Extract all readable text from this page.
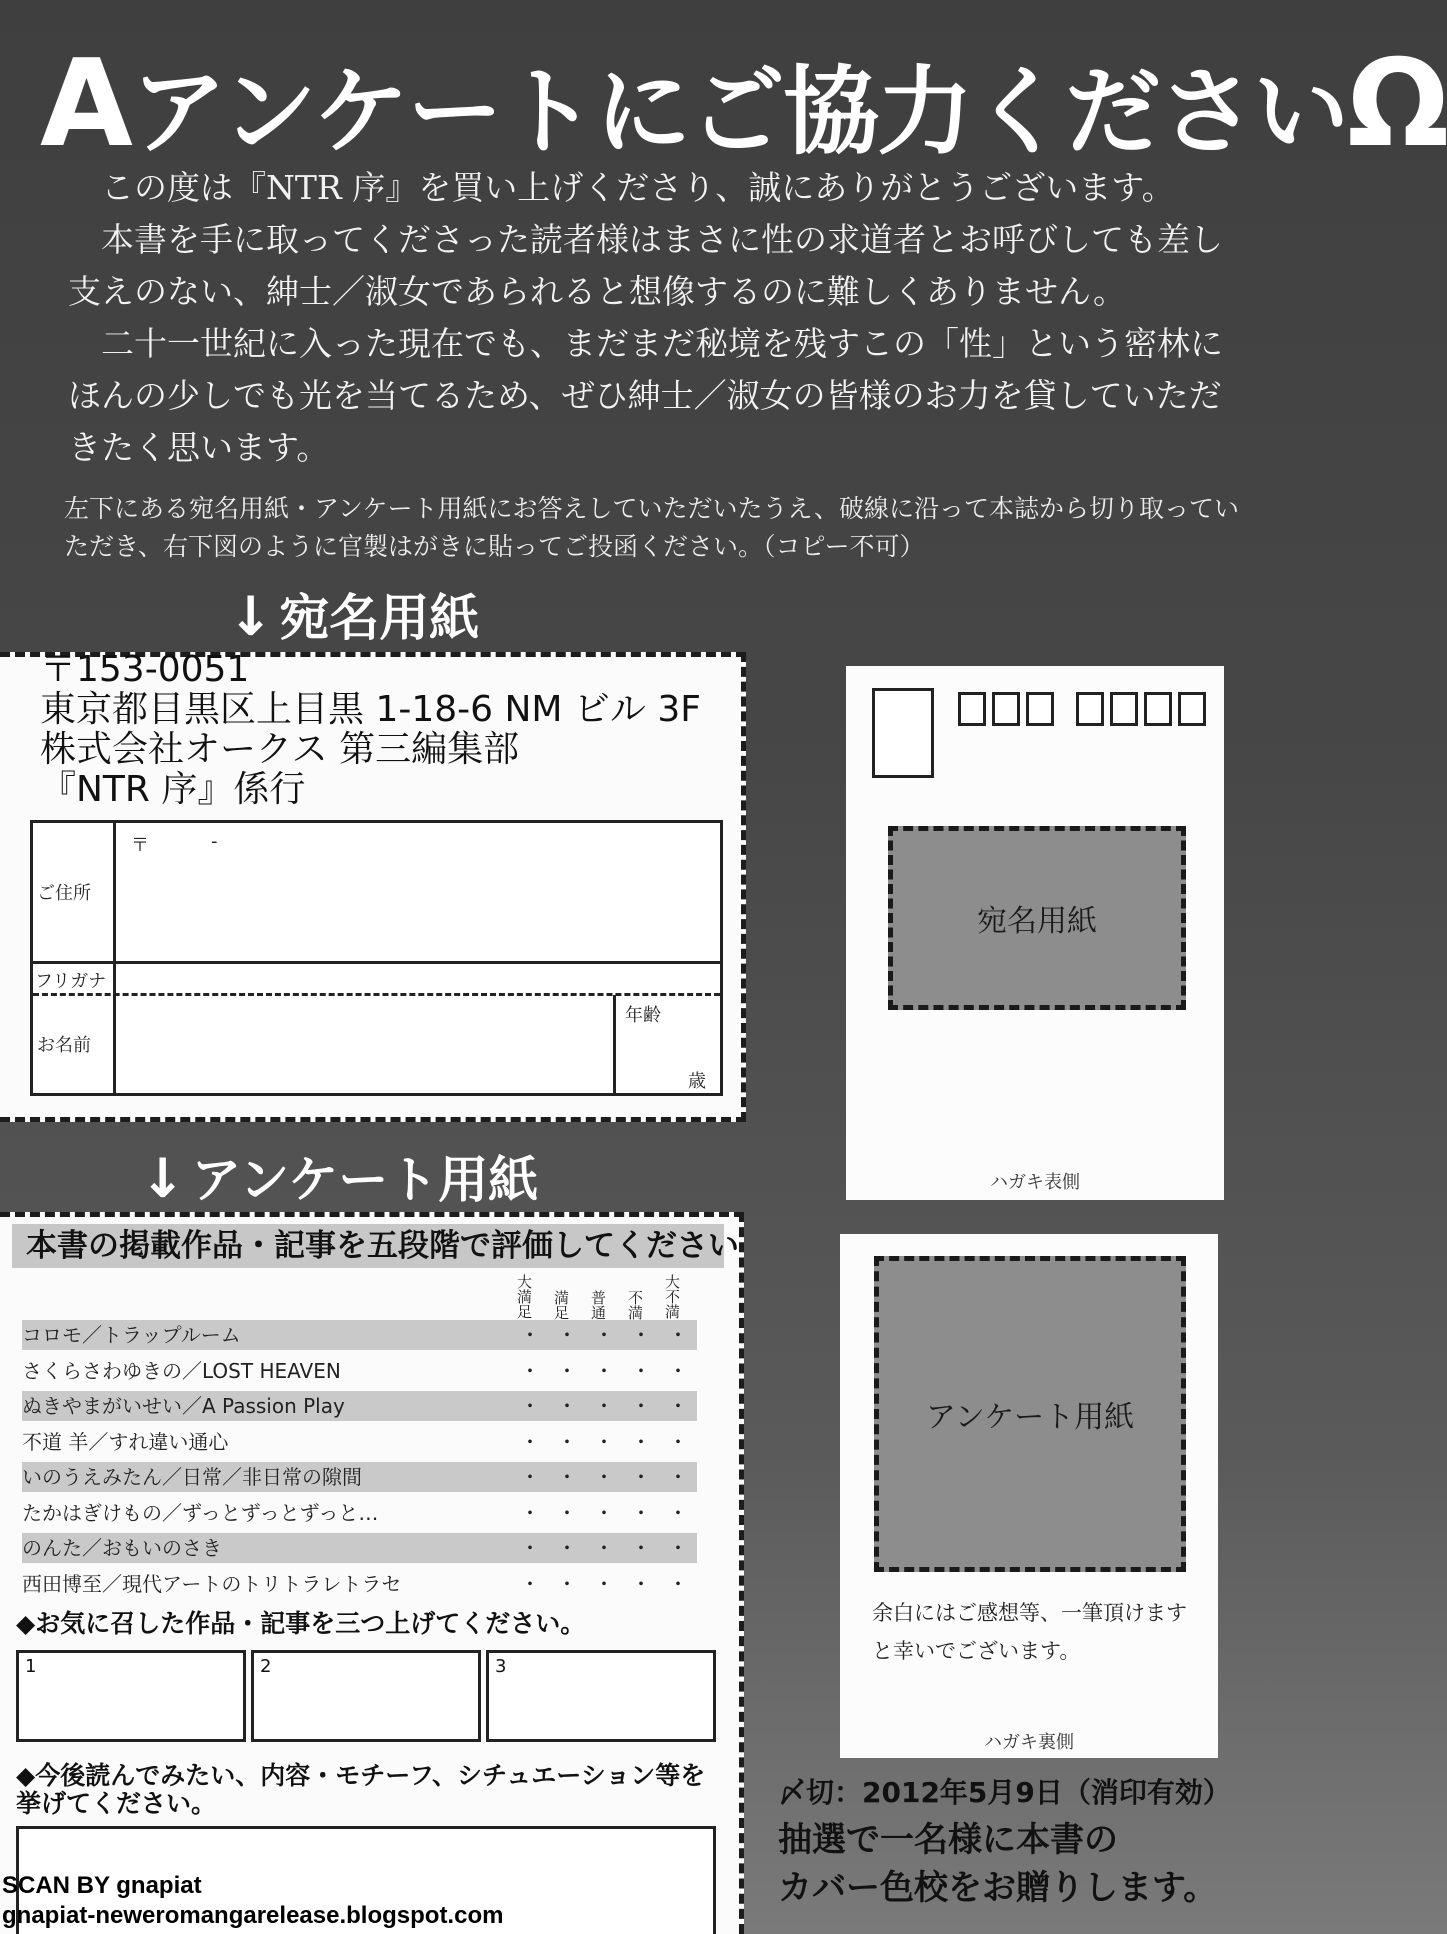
Aアンケートにご協力くださいΩ

この度は『NTR 序』を買い上げくださり、誠にありがとうございます。

本書を手に取ってくださった読者様はまさに性の求道者とお呼びしても差し支えのない、紳士／淑女であられると想像するのに難しくありません。

二十一世紀に入った現在でも、まだまだ秘境を残すこの「性」という密林にほんの少しでも光を当てるため、ぜひ紳士／淑女の皆様のお力を貸していただきたく思います。

左下にある宛名用紙・アンケート用紙にお答えしていただいたうえ、破線に沿って本誌から切り取っていただき、右下図のように官製はがきに貼ってご投函ください。（コピー不可）
↓ 宛名用紙
〒153-0051
東京都目黒区上目黒 1-18-6 NM ビル 3F
株式会社オークス 第三編集部
『NTR 序』係行
〒	-
ご住所
フリガナ
お名前
年齢
歳
↓ アンケート用紙
本書の掲載作品・記事を五段階で評価してください
大満足 満足 普通 不満 大不満
コロモ／トラップルーム	・ ・ ・ ・ ・
さくらさわゆきの／LOST HEAVEN	・ ・ ・ ・ ・
ぬきやまがいせい／A Passion Play	・ ・ ・ ・ ・
不道 羊／すれ違い通心	・ ・ ・ ・ ・
いのうえみたん／日常／非日常の隙間	・ ・ ・ ・ ・
たかはぎけもの／ずっとずっとずっと…	・ ・ ・ ・ ・
のんた／おもいのさき	・ ・ ・ ・ ・
西田博至／現代アートのトリトラレトラセ	・ ・ ・ ・ ・
◆お気に召した作品・記事を三つ上げてください。
1	2	3
◆今後読んでみたい、内容・モチーフ、シチュエーション等を挙げてください。
宛名用紙
ハガキ表側
アンケート用紙
余白にはご感想等、一筆頂けますと幸いでございます。
ハガキ裏側
〆切：2012年5月9日（消印有効）
抽選で一名様に本書の
カバー色校をお贈りします。
SCAN BY gnapiat
gnapiat-neweromangarelease.blogspot.com
